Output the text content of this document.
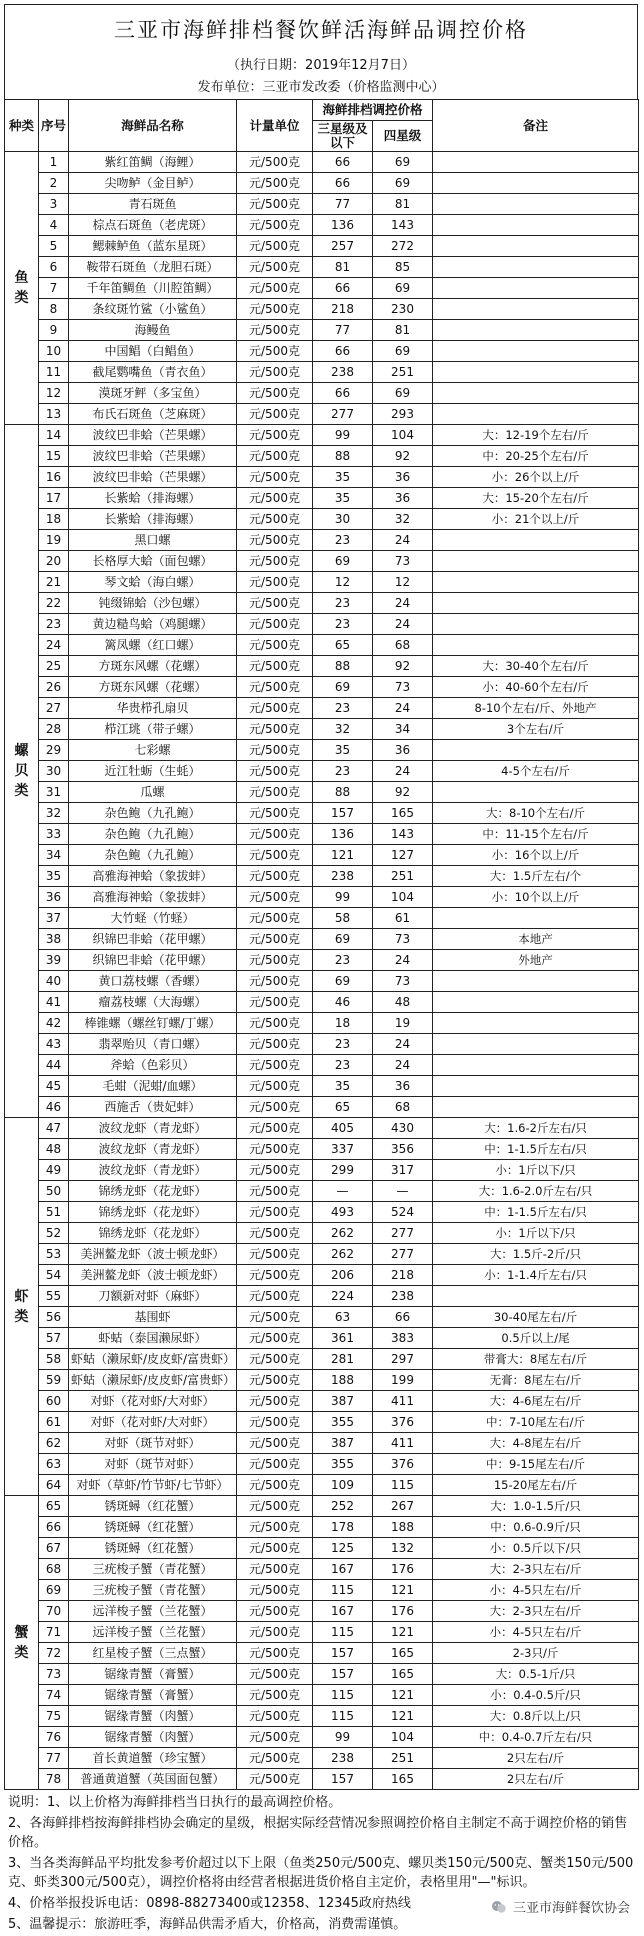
三亚市海鲜排档餐饮鲜活海鲜品调控价格
（执行日期：2019年12月7日）
发布单位：三亚市发改委（价格监测中心）
种类	序号	海鲜品名称	计量单位	海鲜排档调控价格		备注
				三星级及以下	四星级	

鱼
类	1	紫红笛鲷（海鲤）	元/500克	66	69	
	2	尖吻鲈（金目鲈）	元/500克	66	69	
	3	青石斑鱼	元/500克	77	81	
	4	棕点石斑鱼（老虎斑）	元/500克	136	143	
	5	鳃棘鲈鱼（蓝东星斑）	元/500克	257	272	
	6	鞍带石斑鱼（龙胆石斑）	元/500克	81	85	
	7	千年笛鲷鱼（川腔笛鲷）	元/500克	66	69	
	8	条纹斑竹鲨（小鲨鱼）	元/500克	218	230	
	9	海鳗鱼	元/500克	77	81	
	10	中国鲳（白鲳鱼）	元/500克	66	69	
	11	截尾鹦嘴鱼（青衣鱼）	元/500克	238	251	
	12	漠斑牙鲆（多宝鱼）	元/500克	66	69	
	13	布氏石斑鱼（芝麻斑）	元/500克	277	293	

螺
贝
类	14	波纹巴非蛤（芒果螺）	元/500克	99	104	大：12-19个左右/斤
	15	波纹巴非蛤（芒果螺）	元/500克	88	92	中：20-25个左右/斤
	16	波纹巴非蛤（芒果螺）	元/500克	35	36	小：26个以上/斤
	17	长紫蛤（排海螺）	元/500克	35	36	大：15-20个左右/斤
	18	长紫蛤（排海螺）	元/500克	30	32	小：21个以上/斤
	19	黑口螺	元/500克	23	24	
	20	长格厚大蛤（面包螺）	元/500克	69	73	
	21	琴文蛤（海白螺）	元/500克	12	12	
	22	钝缀锦蛤（沙包螺）	元/500克	23	24	
	23	黄边糙鸟蛤（鸡腿螺）	元/500克	23	24	
	24	篱凤螺（红口螺）	元/500克	65	68	
	25	方斑东风螺（花螺）	元/500克	88	92	大：30-40个左右/斤
	26	方斑东风螺（花螺）	元/500克	69	73	小：40-60个左右/斤
	27	华贵栉孔扇贝	元/500克	23	24	8-10个左右/斤、外地产
	28	栉江珧（带子螺）	元/500克	32	34	3个左右/斤
	29	七彩螺	元/500克	35	36	
	30	近江牡蛎（生蚝）	元/500克	23	24	4-5个左右/斤
	31	瓜螺	元/500克	88	92	
	32	杂色鲍（九孔鲍）	元/500克	157	165	大：8-10个左右/斤
	33	杂色鲍（九孔鲍）	元/500克	136	143	中：11-15个左右/斤
	34	杂色鲍（九孔鲍）	元/500克	121	127	小：16个以上/斤
	35	高雅海神蛤（象拔蚌）	元/500克	238	251	大：1.5斤左右/个
	36	高雅海神蛤（象拔蚌）	元/500克	99	104	小：10个以上/斤
	37	大竹蛏（竹蛏）	元/500克	58	61	
	38	织锦巴非蛤（花甲螺）	元/500克	69	73	本地产
	39	织锦巴非蛤（花甲螺）	元/500克	23	24	外地产
	40	黄口荔枝螺（香螺）	元/500克	69	73	
	41	瘤荔枝螺（大海螺）	元/500克	46	48	
	42	棒锥螺（螺丝钉螺/丁螺）	元/500克	18	19	
	43	翡翠贻贝（青口螺）	元/500克	23	24	
	44	斧蛤（色彩贝）	元/500克	23	24	
	45	毛蚶（泥蚶/血螺）	元/500克	35	36	
	46	西施舌（贵妃蚌）	元/500克	65	68	

虾
类	47	波纹龙虾（青龙虾）	元/500克	405	430	大：1.6-2斤左右/只
	48	波纹龙虾（青龙虾）	元/500克	337	356	中：1-1.5斤左右/只
	49	波纹龙虾（青龙虾）	元/500克	299	317	小：1斤以下/只
	50	锦绣龙虾（花龙虾）	元/500克	—	—	大：1.6-2.0斤左右/只
	51	锦绣龙虾（花龙虾）	元/500克	493	524	中：1-1.5斤左右/只
	52	锦绣龙虾（花龙虾）	元/500克	262	277	小：1斤以下/只
	53	美洲鳌龙虾（波士顿龙虾）	元/500克	262	277	大：1.5斤-2斤/只
	54	美洲鳌龙虾（波士顿龙虾）	元/500克	206	218	小：1-1.4斤左右/只
	55	刀额新对虾（麻虾）	元/500克	224	238	
	56	基围虾	元/500克	63	66	30-40尾左右/斤
	57	虾蛄（泰国濑尿虾）	元/500克	361	383	0.5斤以上/尾
	58	虾蛄（濑尿虾/皮皮虾/富贵虾）	元/500克	281	297	带膏大：8尾左右/斤
	59	虾蛄（濑尿虾/皮皮虾/富贵虾）	元/500克	188	199	无膏：8尾左右/斤
	60	对虾（花对虾/大对虾）	元/500克	387	411	大：4-6尾左右/斤
	61	对虾（花对虾/大对虾）	元/500克	355	376	中：7-10尾左右/斤
	62	对虾（斑节对虾）	元/500克	387	411	大：4-8尾左右/斤
	63	对虾（斑节对虾）	元/500克	355	376	中：9-15尾左右/斤
	64	对虾（草虾/竹节虾/七节虾）	元/500克	109	115	15-20尾左右/斤

蟹
类	65	锈斑蟳（红花蟹）	元/500克	252	267	大：1.0-1.5斤/只
	66	锈斑蟳（红花蟹）	元/500克	178	188	中：0.6-0.9斤/只
	67	锈斑蟳（红花蟹）	元/500克	125	132	小：0.5斤以下/只
	68	三疣梭子蟹（青花蟹）	元/500克	167	176	大：2-3只左右/斤
	69	三疣梭子蟹（青花蟹）	元/500克	115	121	小：4-5只左右/斤
	70	远洋梭子蟹（兰花蟹）	元/500克	167	176	大：2-3只左右/斤
	71	远洋梭子蟹（兰花蟹）	元/500克	115	121	小：4-5只左右/斤
	72	红星梭子蟹（三点蟹）	元/500克	157	165	2-3只/斤
	73	锯缘青蟹（膏蟹）	元/500克	157	165	大：0.5-1斤/只
	74	锯缘青蟹（膏蟹）	元/500克	115	121	小：0.4-0.5斤/只
	75	锯缘青蟹（肉蟹）	元/500克	115	121	大：0.8斤以上/只
	76	锯缘青蟹（肉蟹）	元/500克	99	104	中：0.4-0.7斤左右/只
	77	首长黄道蟹（珍宝蟹）	元/500克	238	251	2只左右/斤
	78	普通黄道蟹（英国面包蟹）	元/500克	157	165	2只左右/斤

说明：1、以上价格为海鲜排档当日执行的最高调控价格。

2、各海鲜排档按海鲜排档协会确定的星级，根据实际经营情况参照调控价格自主制定不高于调控价格的销售价格。

3、当各类海鲜品平均批发参考价超过以下上限（鱼类250元/500克、螺贝类150元/500克、蟹类150元/500克、虾类300元/500克），调控价格将由经营者根据进货价格自主定价，表格里用"—"标识。

4、价格举报投诉电话：0898-88273400或12358、12345政府热线

5、温馨提示：旅游旺季，海鲜品供需矛盾大，价格高，消费需谨慎。

三亚市海鲜餐饮协会
